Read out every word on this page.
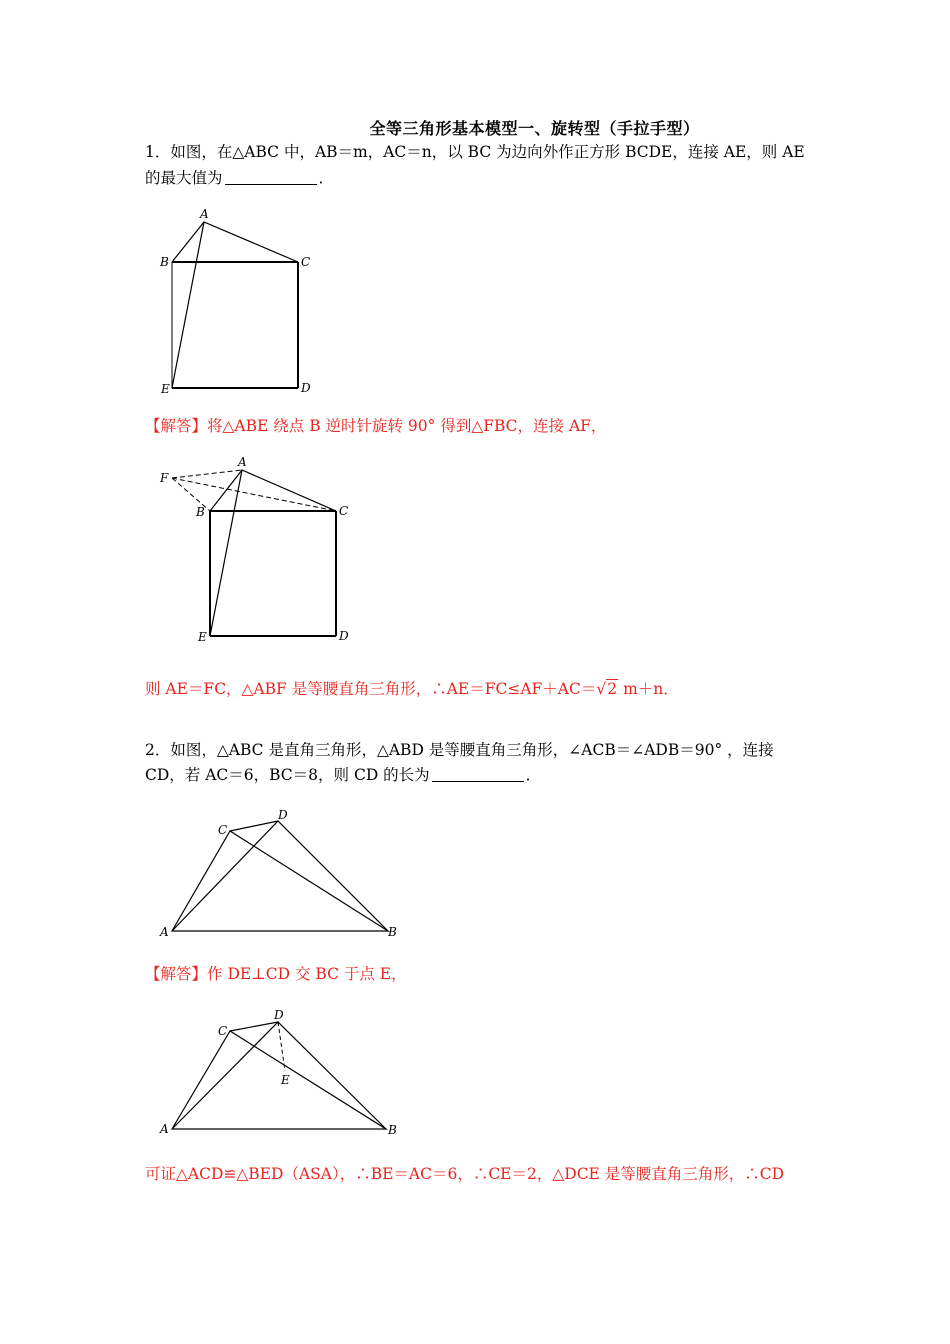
全等三角形基本模型一、旋转型（手拉手型）
1．如图，在△ABC 中，AB＝m，AC＝n，以 BC 为边向外作正方形 BCDE，连接 AE，则 AE
的最大值为	．
A
B	C
E	D
【解答】将△ABE 绕点 B 逆时针旋转 90° 得到△FBC，连接 AF，
A
F
B	C
E	D
则 AE＝FC，△ABF 是等腰直角三角形，∴AE＝FC≤AF＋AC＝√2 m＋n．
2．如图，△ABC 是直角三角形，△ABD 是等腰直角三角形，∠ACB＝∠ADB＝90° ，连接
CD，若 AC＝6，BC＝8，则 CD 的长为	．
C
D
A	B
【解答】作 DE⊥CD 交 BC 于点 E，
C
D
E
A	B
可证△ACD≌△BED（ASA），∴BE＝AC＝6，∴CE＝2，△DCE 是等腰直角三角形，∴CD
